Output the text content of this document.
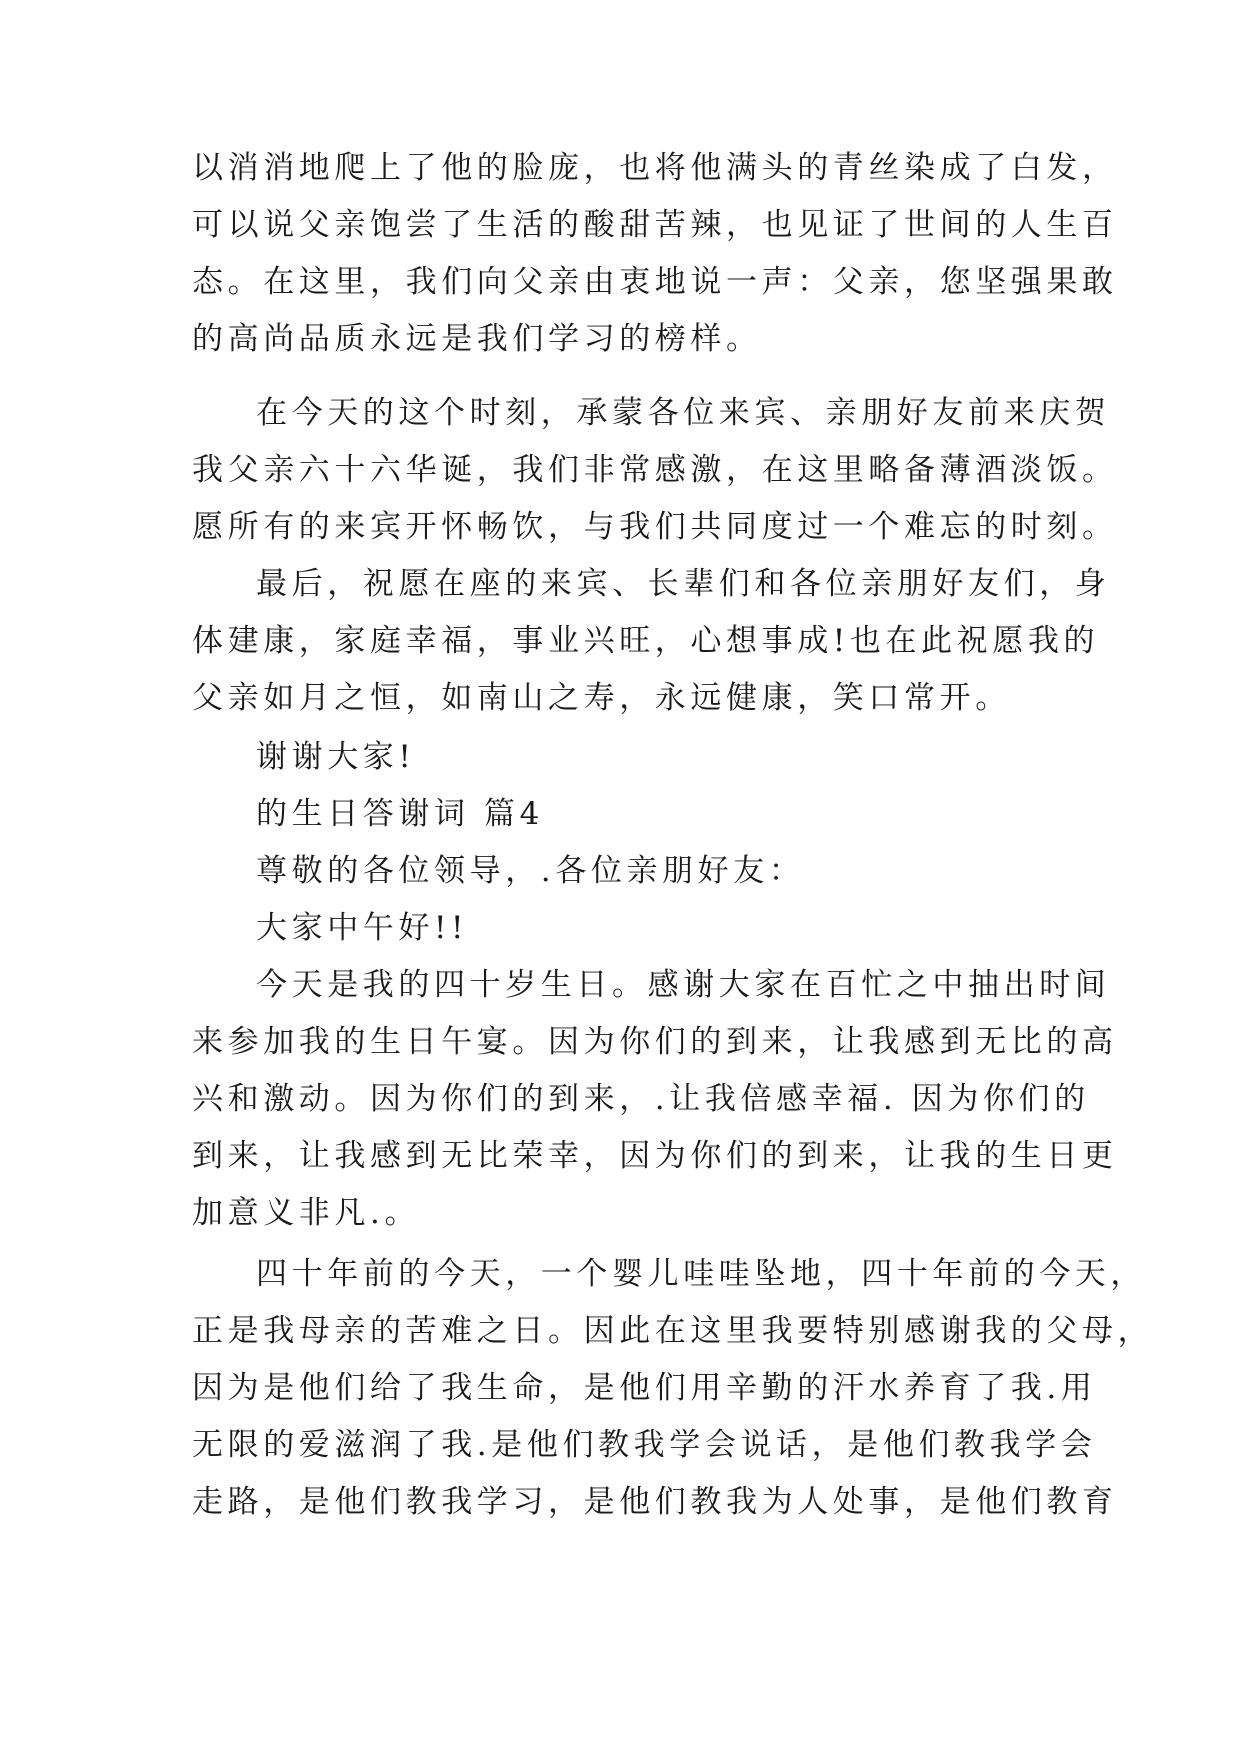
以消消地爬上了他的脸庞，也将他满头的青丝染成了白发，
可以说父亲饱尝了生活的酸甜苦辣，也见证了世间的人生百
态。在这里，我们向父亲由衷地说一声：父亲，您坚强果敢
的高尚品质永远是我们学习的榜样。
在今天的这个时刻，承蒙各位来宾、亲朋好友前来庆贺
我父亲六十六华诞，我们非常感激，在这里略备薄酒淡饭。
愿所有的来宾开怀畅饮，与我们共同度过一个难忘的时刻。
最后，祝愿在座的来宾、长辈们和各位亲朋好友们，身
体建康，家庭幸福，事业兴旺，心想事成!也在此祝愿我的
父亲如月之恒，如南山之寿，永远健康，笑口常开。
谢谢大家!
的生日答谢词 篇4
尊敬的各位领导，.各位亲朋好友：
大家中午好!!
今天是我的四十岁生日。感谢大家在百忙之中抽出时间
来参加我的生日午宴。因为你们的到来，让我感到无比的高
兴和激动。因为你们的到来，.让我倍感幸福. 因为你们的
到来，让我感到无比荣幸，因为你们的到来，让我的生日更
加意义非凡.。
四十年前的今天，一个婴儿哇哇坠地，四十年前的今天，
正是我母亲的苦难之日。因此在这里我要特别感谢我的父母，
因为是他们给了我生命，是他们用辛勤的汗水养育了我.用
无限的爱滋润了我.是他们教我学会说话，是他们教我学会
走路，是他们教我学习，是他们教我为人处事，是他们教育
